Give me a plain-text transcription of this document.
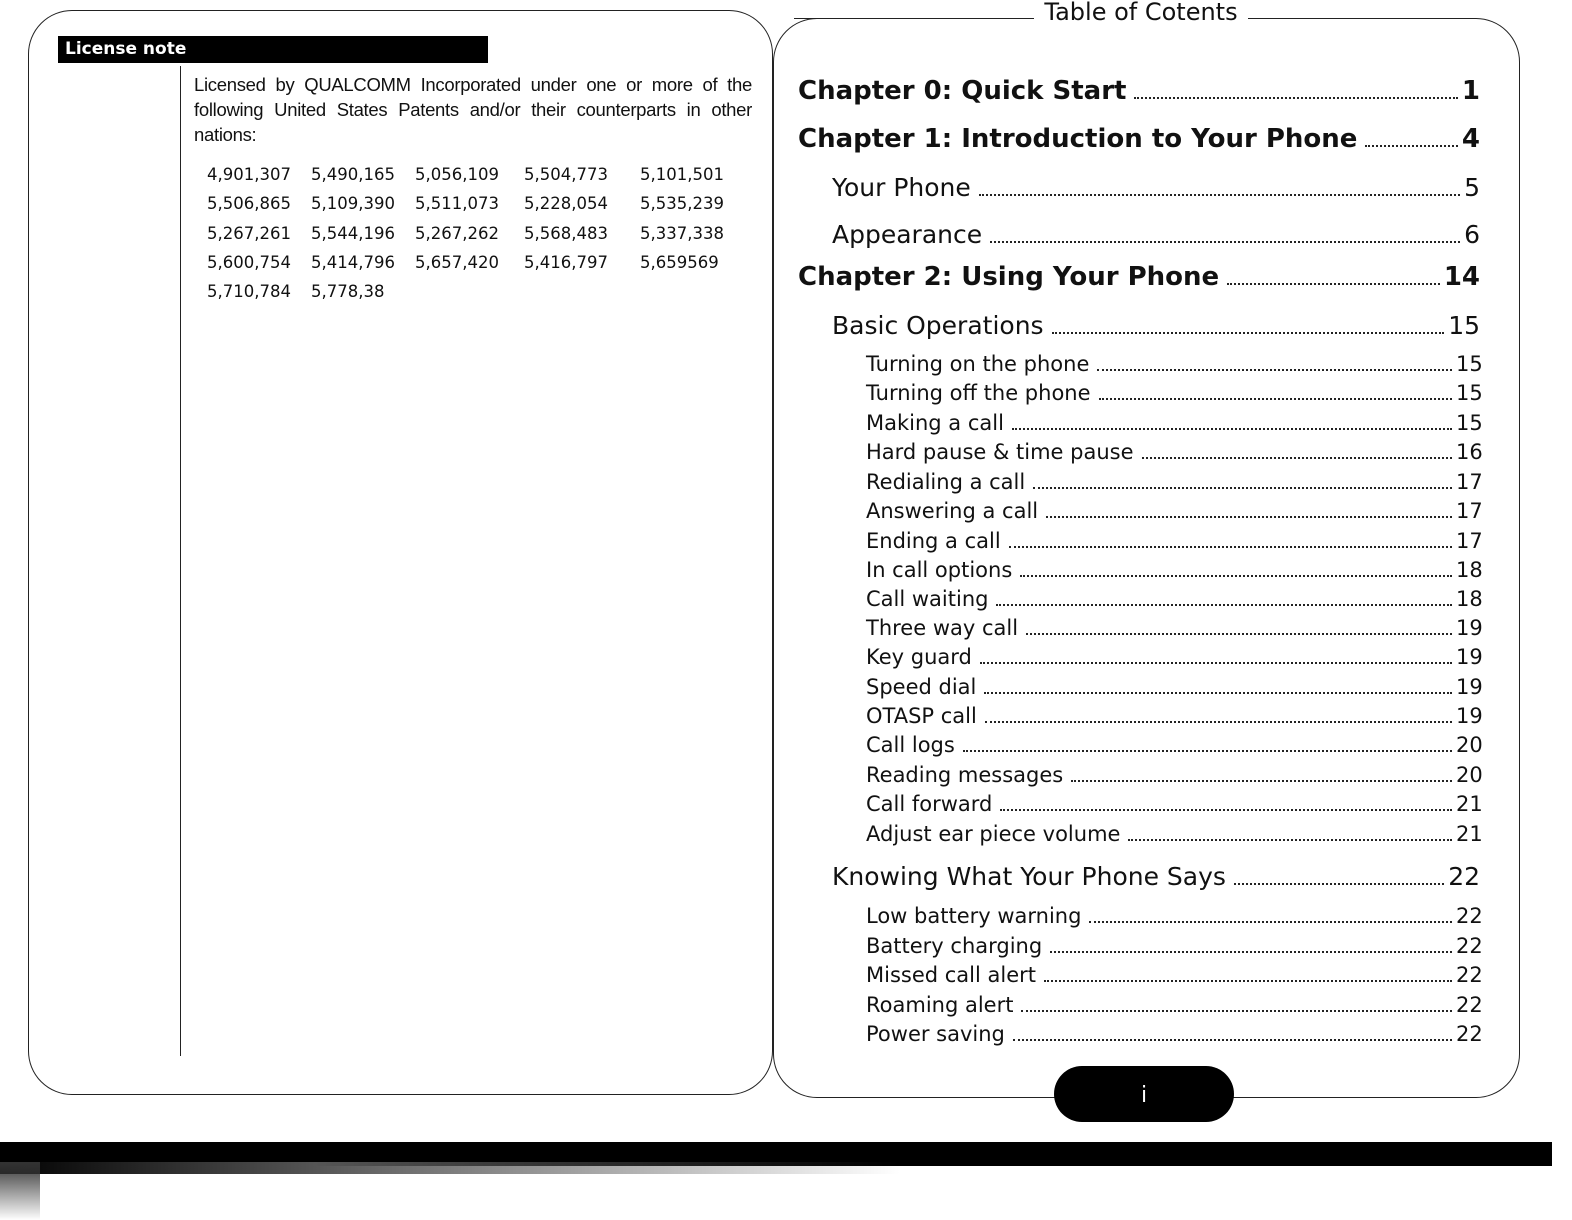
License note
Licensed by QUALCOMM Incorporated under one or more of the following United States Patents and/or their counterparts in other nations:
4,901,307	5,490,165	5,056,109	5,504,773	5,101,501
5,506,865	5,109,390	5,511,073	5,228,054	5,535,239
5,267,261	5,544,196	5,267,262	5,568,483	5,337,338
5,600,754	5,414,796	5,657,420	5,416,797	5,659569
5,710,784	5,778,38
Table of Cotents
Chapter 0: Quick Start	1
Chapter 1: Introduction to Your Phone	4
Your Phone	5
Appearance	6
Chapter 2: Using Your Phone	14
Basic Operations	15
Turning on the phone	15
Turning off the phone	15
Making a call	15
Hard pause & time pause	16
Redialing a call	17
Answering a call	17
Ending a call	17
In call options	18
Call waiting	18
Three way call	19
Key guard	19
Speed dial	19
OTASP call	19
Call logs	20
Reading messages	20
Call forward	21
Adjust ear piece volume	21
Knowing What Your Phone Says	22
Low battery warning	22
Battery charging	22
Missed call alert	22
Roaming alert	22
Power saving	22
i
